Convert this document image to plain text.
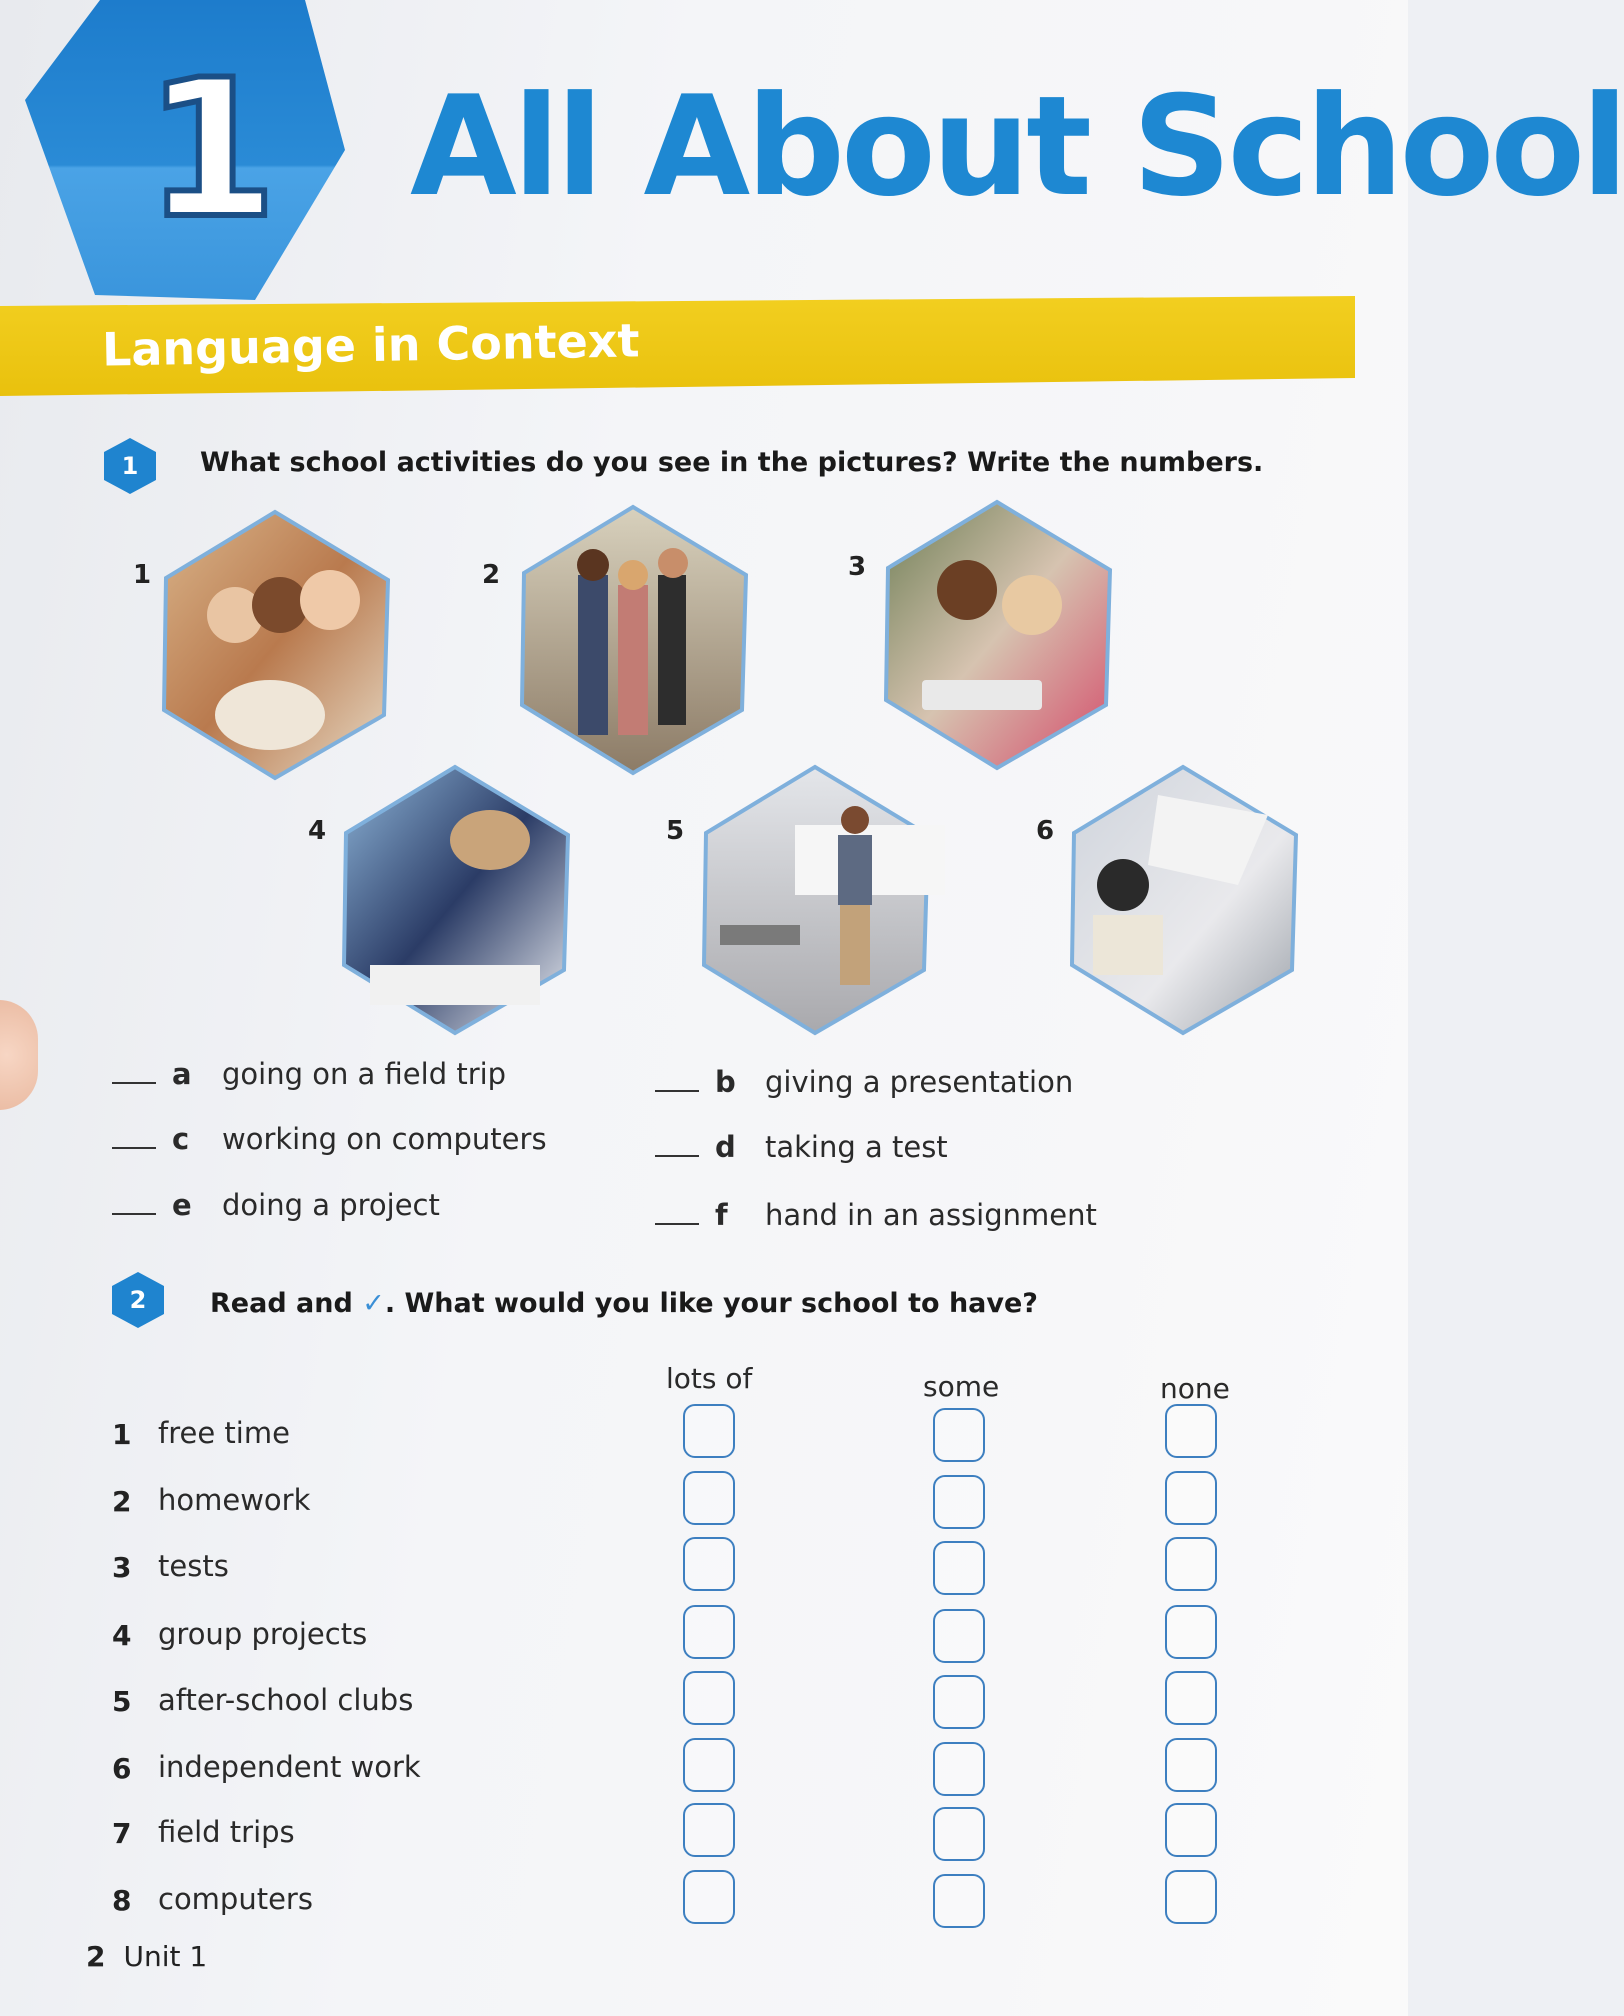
1 All About School
Language in Context
1	What school activities do you see in the pictures? Write the numbers.
1	2	3
4	5	6
a going on a field trip	b giving a presentation
c working on computers	d taking a test
e doing a project	f hand in an assignment
2	Read and ✓. What would you like your school to have?
lots of	some	none
1 free time
2 homework
3 tests
4 group projects
5 after-school clubs
6 independent work
7 field trips
8 computers
2 Unit 1
